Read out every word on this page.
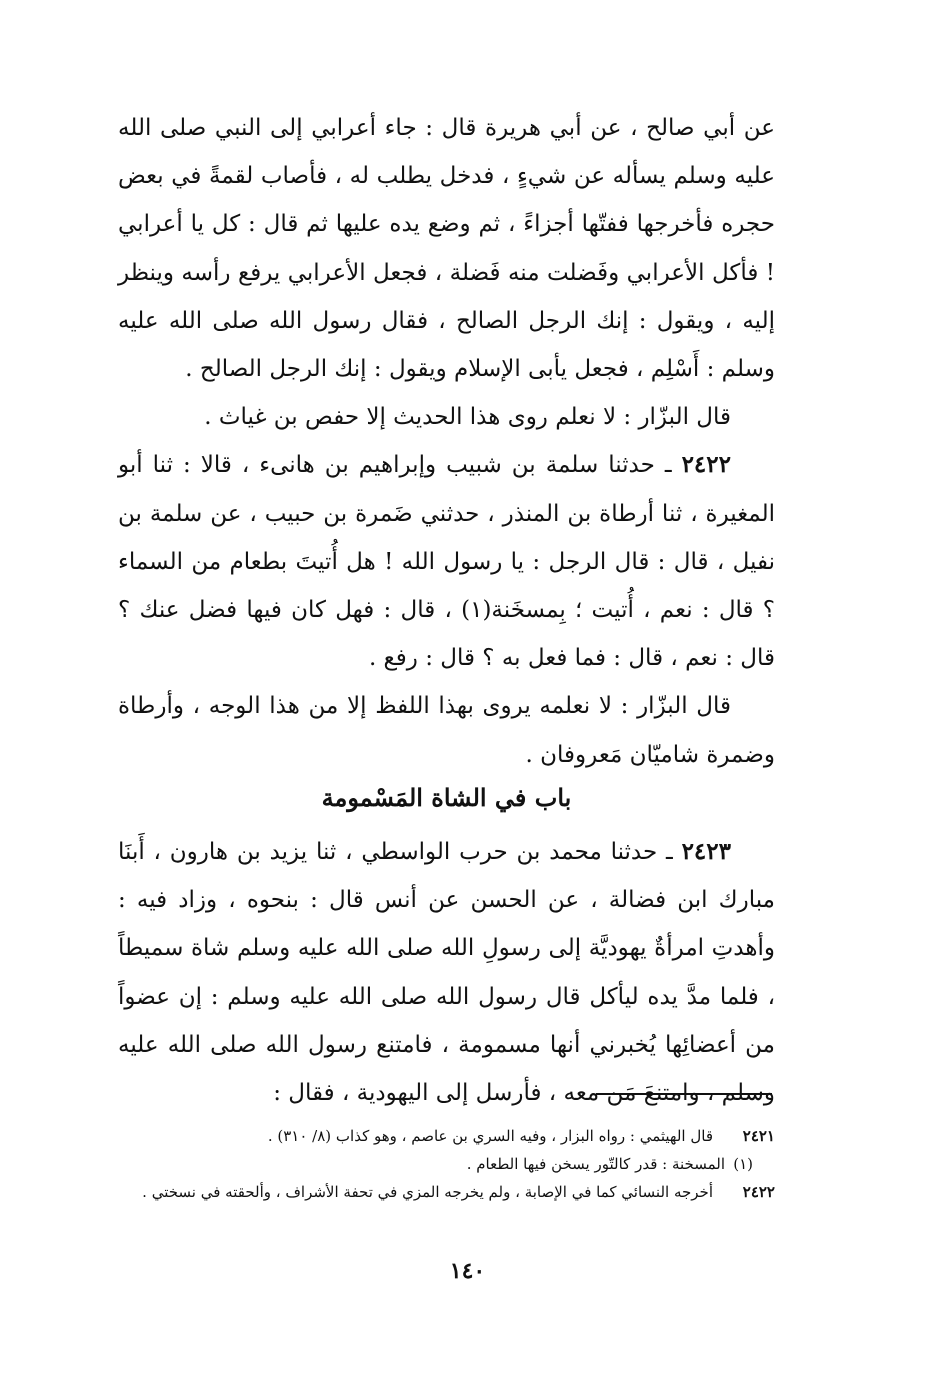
عن أبي صالح ، عن أبي هريرة قال : جاء أعرابي إلى النبي صلى الله عليه وسلم يسأله عن شيءٍ ، فدخل يطلب له ، فأصاب لقمةً في بعض حجره فأخرجها ففتّها أجزاءً ، ثم وضع يده عليها ثم قال : كل يا أعرابي ! فأكل الأعرابي وفَضلت منه فَضلة ، فجعل الأعرابي يرفع رأسه وينظر إليه ، ويقول : إنك الرجل الصالح ، فقال رسول الله صلى الله عليه وسلم : أَسْلِم ، فجعل يأبى الإسلام ويقول : إنك الرجل الصالح .

قال البزّار : لا نعلم روى هذا الحديث إلا حفص بن غياث .

٢٤٢٢ ـ حدثنا سلمة بن شبيب وإبراهيم بن هانىء ، قالا : ثنا أبو المغيرة ، ثنا أرطاة بن المنذر ، حدثني ضَمرة بن حبيب ، عن سلمة بن نفيل ، قال : قال الرجل : يا رسول الله ! هل أُتيتَ بطعام من السماء ؟ قال : نعم ، أُتيت ؛ بِمسخَنة(١) ، قال : فهل كان فيها فضل عنك ؟ قال : نعم ، قال : فما فعل به ؟ قال : رفع .

قال البزّار : لا نعلمه يروى بهذا اللفظ إلا من هذا الوجه ، وأرطاة وضمرة شاميّان مَعروفان .

باب في الشاة المَسْمومة

٢٤٢٣ ـ حدثنا محمد بن حرب الواسطي ، ثنا يزيد بن هارون ، أَبنَا مبارك ابن فضالة ، عن الحسن عن أنس قال : بنحوه ، وزاد فيه : وأهدتِ امرأةٌ يهوديَّة إلى رسولِ الله صلى الله عليه وسلم شاة سميطاً ، فلما مدَّ يده ليأكل قال رسول الله صلى الله عليه وسلم : إن عضواً من أعضائِها يُخبرني أنها مسمومة ، فامتنع رسول الله صلى الله عليه وسلم ، وامتنعَ مَن معه ، فأرسل إلى اليهودية ، فقال :

٢٤٢١
قال الهيثمي : رواه البزار ، وفيه السري بن عاصم ، وهو كذاب (٨/ ٣١٠) .
(١)
المسخنة : قدر كالتّور يسخن فيها الطعام .
٢٤٢٢
أخرجه النسائي كما في الإصابة ، ولم يخرجه المزي في تحفة الأشراف ، وألحقته في نسختي .
١٤٠
